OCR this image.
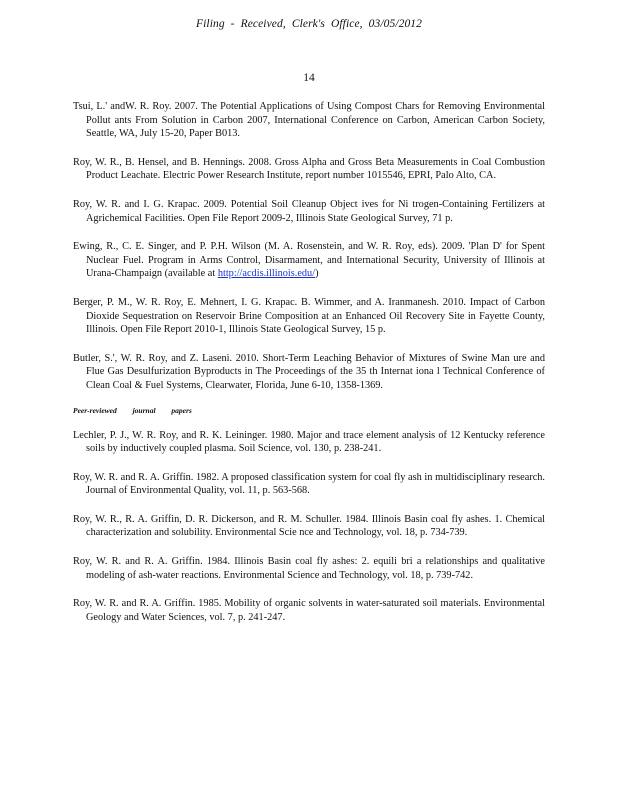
Filing - Received, Clerk's Office, 03/05/2012
14

Tsui, L.' andW. R. Roy. 2007. The Potential Applications of Using Compost Chars for Removing Environmental Pollut ants From Solution in Carbon 2007, International Conference on Carbon, American Carbon Society, Seattle, WA, July 15-20, Paper B013.

Roy, W. R., B. Hensel, and B. Hennings. 2008. Gross Alpha and Gross Beta Measurements in Coal Combustion Product Leachate. Electric Power Research Institute, report number 1015546, EPRI, Palo Alto, CA.

Roy, W. R. and I. G. Krapac. 2009. Potential Soil Cleanup Object ives for Ni trogen-Containing Fertilizers at Agrichemical Facilities. Open File Report 2009-2, Illinois State Geological Survey, 71 p.

Ewing, R., C. E. Singer, and P. P.H. Wilson (M. A. Rosenstein, and W. R. Roy, eds). 2009. 'Plan D' for Spent Nuclear Fuel. Program in Arms Control, Disarmament, and International Security, University of Illinois at Urana-Champaign (available at http://acdis.illinois.edu/)

Berger, P. M., W. R. Roy, E. Mehnert, I. G. Krapac. B. Wimmer, and A. Iranmanesh. 2010. Impact of Carbon Dioxide Sequestration on Reservoir Brine Composition at an Enhanced Oil Recovery Site in Fayette County, Illinois. Open File Report 2010-1, Illinois State Geological Survey, 15 p.

Butler, S.', W. R. Roy, and Z. Laseni. 2010. Short-Term Leaching Behavior of Mixtures of Swine Man ure and Flue Gas Desulfurization Byproducts in The Proceedings of the 35 th Internat iona l Technical Conference of Clean Coal & Fuel Systems, Clearwater, Florida, June 6-10, 1358-1369.

Peer-reviewed journal papers

Lechler, P. J., W. R. Roy, and R. K. Leininger. 1980. Major and trace element analysis of 12 Kentucky reference soils by inductively coupled plasma. Soil Science, vol. 130, p. 238-241.

Roy, W. R. and R. A. Griffin. 1982. A proposed classification system for coal fly ash in multidisciplinary research. Journal of Environmental Quality, vol. 11, p. 563-568.

Roy, W. R., R. A. Griffin, D. R. Dickerson, and R. M. Schuller. 1984. Illinois Basin coal fly ashes. 1. Chemical characterization and solubility. Environmental Scie nce and Technology, vol. 18, p. 734-739.

Roy, W. R. and R. A. Griffin. 1984. Illinois Basin coal fly ashes: 2. equili bri a relationships and qualitative modeling of ash-water reactions. Environmental Science and Technology, vol. 18, p. 739-742.

Roy, W. R. and R. A. Griffin. 1985. Mobility of organic solvents in water-saturated soil materials. Environmental Geology and Water Sciences, vol. 7, p. 241-247.
